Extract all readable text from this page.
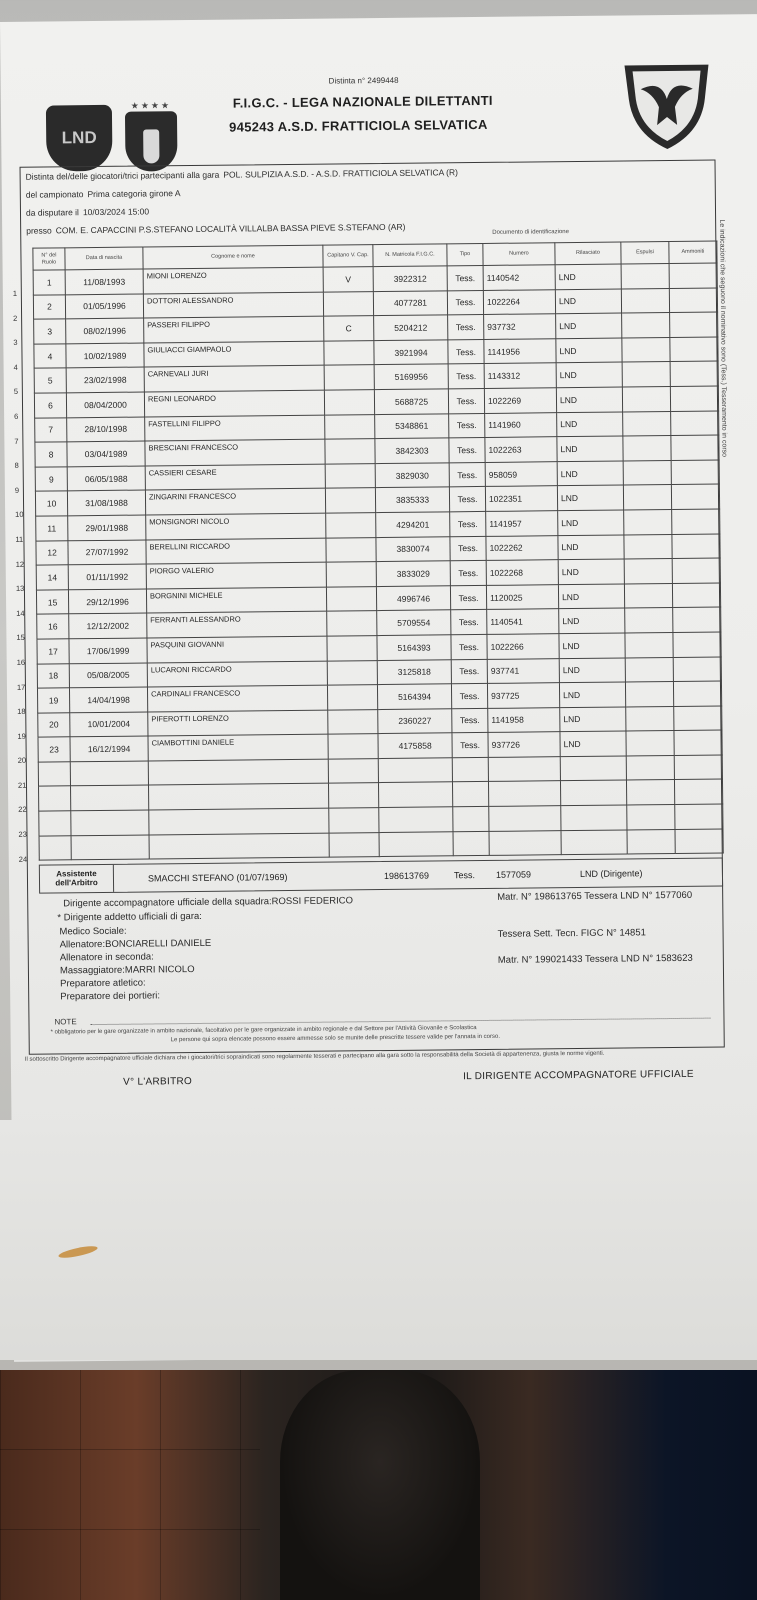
LND
★★★★
Distinta n° 2499448
F.I.G.C. - LEGA NAZIONALE DILETTANTI
945243 A.S.D. FRATTICIOLA SELVATICA
Distinta del/delle giocatori/trici partecipanti alla gara POL. SULPIZIA A.S.D. - A.S.D. FRATTICIOLA SELVATICA (R)
del campionato Prima categoria girone A
da disputare il 10/03/2024 15:00
presso COM. E. CAPACCINI P.S.STEFANO LOCALITÀ VILLALBA BASSA PIEVE S.STEFANO (AR)	Le indicazioni che seguono il nominativo sono (Tess.) Tesseramento in corso
1
2
3
4
5
6
7
8
9
10
11
12
13
14
15
16
17
18
19
20
21
22
23
24
N° del Ruolo	Data di nascita	Cognome e nome	Capitano V. Cap.	N. Matricola F.I.G.C.	Tipo	Numero	Rilasciato	Espulsi	Ammoniti
1	11/08/1993	MIONI LORENZO	V	3922312	Tess.	1140542	LND		
2	01/05/1996	DOTTORI ALESSANDRO		4077281	Tess.	1022264	LND		
3	08/02/1996	PASSERI FILIPPO	C	5204212	Tess.	937732	LND		
4	10/02/1989	GIULIACCI GIAMPAOLO		3921994	Tess.	1141956	LND		
5	23/02/1998	CARNEVALI JURI		5169956	Tess.	1143312	LND		
6	08/04/2000	REGNI LEONARDO		5688725	Tess.	1022269	LND		
7	28/10/1998	FASTELLINI FILIPPO		5348861	Tess.	1141960	LND		
8	03/04/1989	BRESCIANI FRANCESCO		3842303	Tess.	1022263	LND		
9	06/05/1988	CASSIERI CESARE		3829030	Tess.	958059	LND		
10	31/08/1988	ZINGARINI FRANCESCO		3835333	Tess.	1022351	LND		
11	29/01/1988	MONSIGNORI NICOLO		4294201	Tess.	1141957	LND		
12	27/07/1992	BERELLINI RICCARDO		3830074	Tess.	1022262	LND		
14	01/11/1992	PIORGO VALERIO		3833029	Tess.	1022268	LND		
15	29/12/1996	BORGNINI MICHELE		4996746	Tess.	1120025	LND		
16	12/12/2002	FERRANTI ALESSANDRO		5709554	Tess.	1140541	LND		
17	17/06/1999	PASQUINI GIOVANNI		5164393	Tess.	1022266	LND		
18	05/08/2005	LUCARONI RICCARDO		3125818	Tess.	937741	LND		
19	14/04/1998	CARDINALI FRANCESCO		5164394	Tess.	937725	LND		
20	10/01/2004	PIFEROTTI LORENZO		2360227	Tess.	1141958	LND		
23	16/12/1994	CIAMBOTTINI DANIELE		4175858	Tess.	937726	LND		

Documento di identificazione
Assistente dell'Arbitro	SMACCHI STEFANO (01/07/1969)	198613769	Tess. 1577059	LND (Dirigente)
Dirigente accompagnatore ufficiale della squadra:ROSSI FEDERICO	Matr. N° 198613765 Tessera LND N° 1577060
* Dirigente addetto ufficiali di gara:
Medico Sociale:
Allenatore:BONCIARELLI DANIELE
Tessera Sett. Tecn. FIGC N° 14851
Allenatore in seconda:
Massaggiatore:MARRI NICOLO
Matr. N° 199021433 Tessera LND N° 1583623
Preparatore atletico:
Preparatore dei portieri:
NOTE
* obbligatorio per le gare organizzate in ambito nazionale, facoltativo per le gare organizzate in ambito regionale e dal Settore per l'Attività Giovanile e Scolastica
Le persone qui sopra elencate possono essere ammesse solo se munite delle prescritte tessere valide per l'annata in corso.
Il sottoscritto Dirigente accompagnatore ufficiale dichiara che i giocatori/trici sopraindicati sono regolarmente tesserati e partecipano alla gara sotto la responsabilità della Società di appartenenza, giusta le norme vigenti.
V° L'ARBITRO	IL DIRIGENTE ACCOMPAGNATORE UFFICIALE
